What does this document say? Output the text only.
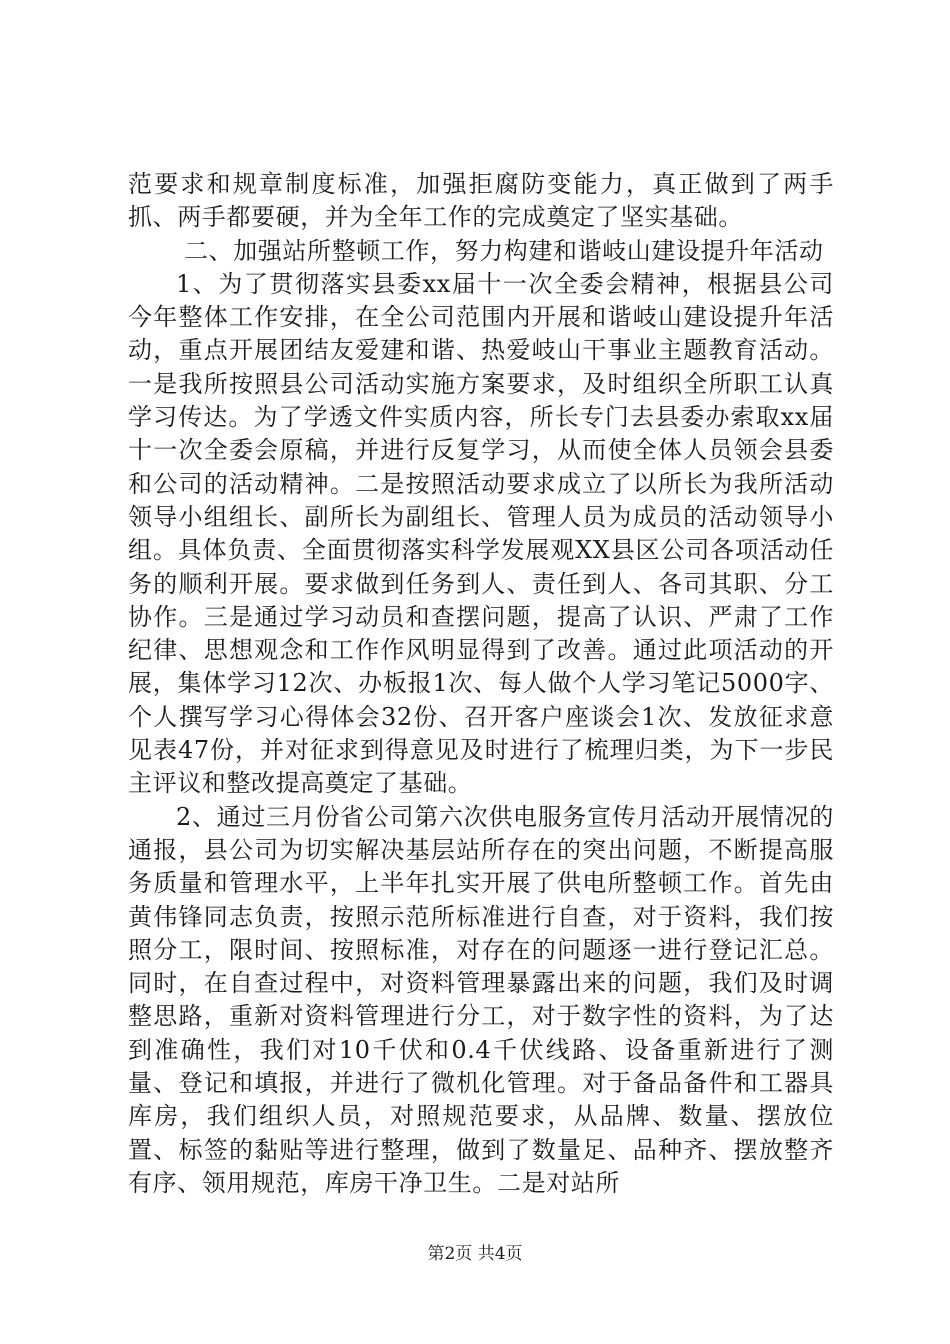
范要求和规章制度标准，加强拒腐防变能力，真正做到了两手抓、两手都要硬，并为全年工作的完成奠定了坚实基础。

二、加强站所整顿工作，努力构建和谐岐山建设提升年活动

1、为了贯彻落实县委xx届十一次全委会精神，根据县公司今年整体工作安排，在全公司范围内开展和谐岐山建设提升年活动，重点开展团结友爱建和谐、热爱岐山干事业主题教育活动。一是我所按照县公司活动实施方案要求，及时组织全所职工认真学习传达。为了学透文件实质内容，所长专门去县委办索取xx届十一次全委会原稿，并进行反复学习，从而使全体人员领会县委和公司的活动精神。二是按照活动要求成立了以所长为我所活动领导小组组长、副所长为副组长、管理人员为成员的活动领导小组。具体负责、全面贯彻落实科学发展观XX县区公司各项活动任务的顺利开展。要求做到任务到人、责任到人、各司其职、分工协作。三是通过学习动员和查摆问题，提高了认识、严肃了工作纪律、思想观念和工作作风明显得到了改善。通过此项活动的开展，集体学习12次、办板报1次、每人做个人学习笔记5000字、个人撰写学习心得体会32份、召开客户座谈会1次、发放征求意见表47份，并对征求到得意见及时进行了梳理归类，为下一步民主评议和整改提高奠定了基础。

2、通过三月份省公司第六次供电服务宣传月活动开展情况的通报，县公司为切实解决基层站所存在的突出问题，不断提高服务质量和管理水平，上半年扎实开展了供电所整顿工作。首先由黄伟锋同志负责，按照示范所标准进行自查，对于资料，我们按照分工，限时间、按照标准，对存在的问题逐一进行登记汇总。同时，在自查过程中，对资料管理暴露出来的问题，我们及时调整思路，重新对资料管理进行分工，对于数字性的资料，为了达到准确性，我们对10千伏和0.4千伏线路、设备重新进行了测量、登记和填报，并进行了微机化管理。对于备品备件和工器具库房，我们组织人员，对照规范要求，从品牌、数量、摆放位置、标签的黏贴等进行整理，做到了数量足、品种齐、摆放整齐有序、领用规范，库房干净卫生。二是对站所

第2页 共4页
